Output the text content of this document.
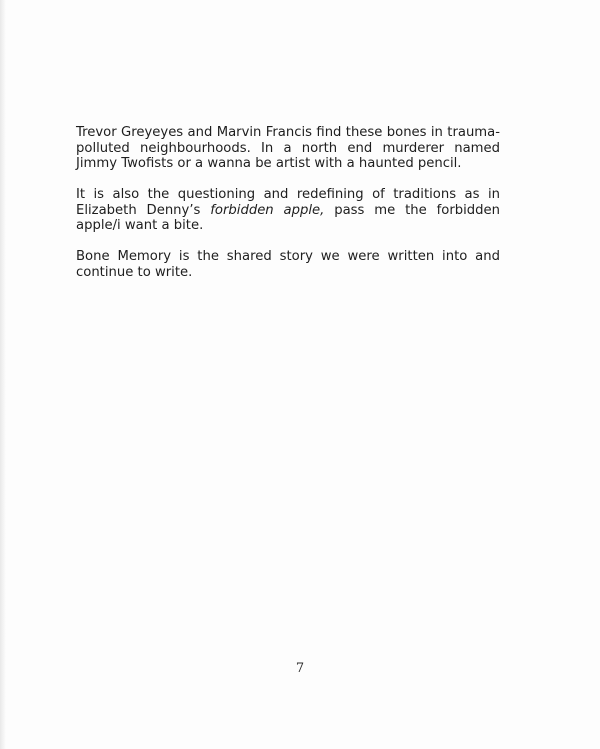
Trevor Greyeyes and Marvin Francis find these bones in trauma-polluted neighbourhoods. In a north end murderer named Jimmy Twofists or a wanna be artist with a haunted pencil.

It is also the questioning and redefining of traditions as in Elizabeth Denny’s forbidden apple, pass me the forbidden apple/i want a bite.

Bone Memory is the shared story we were written into and continue to write.

7
